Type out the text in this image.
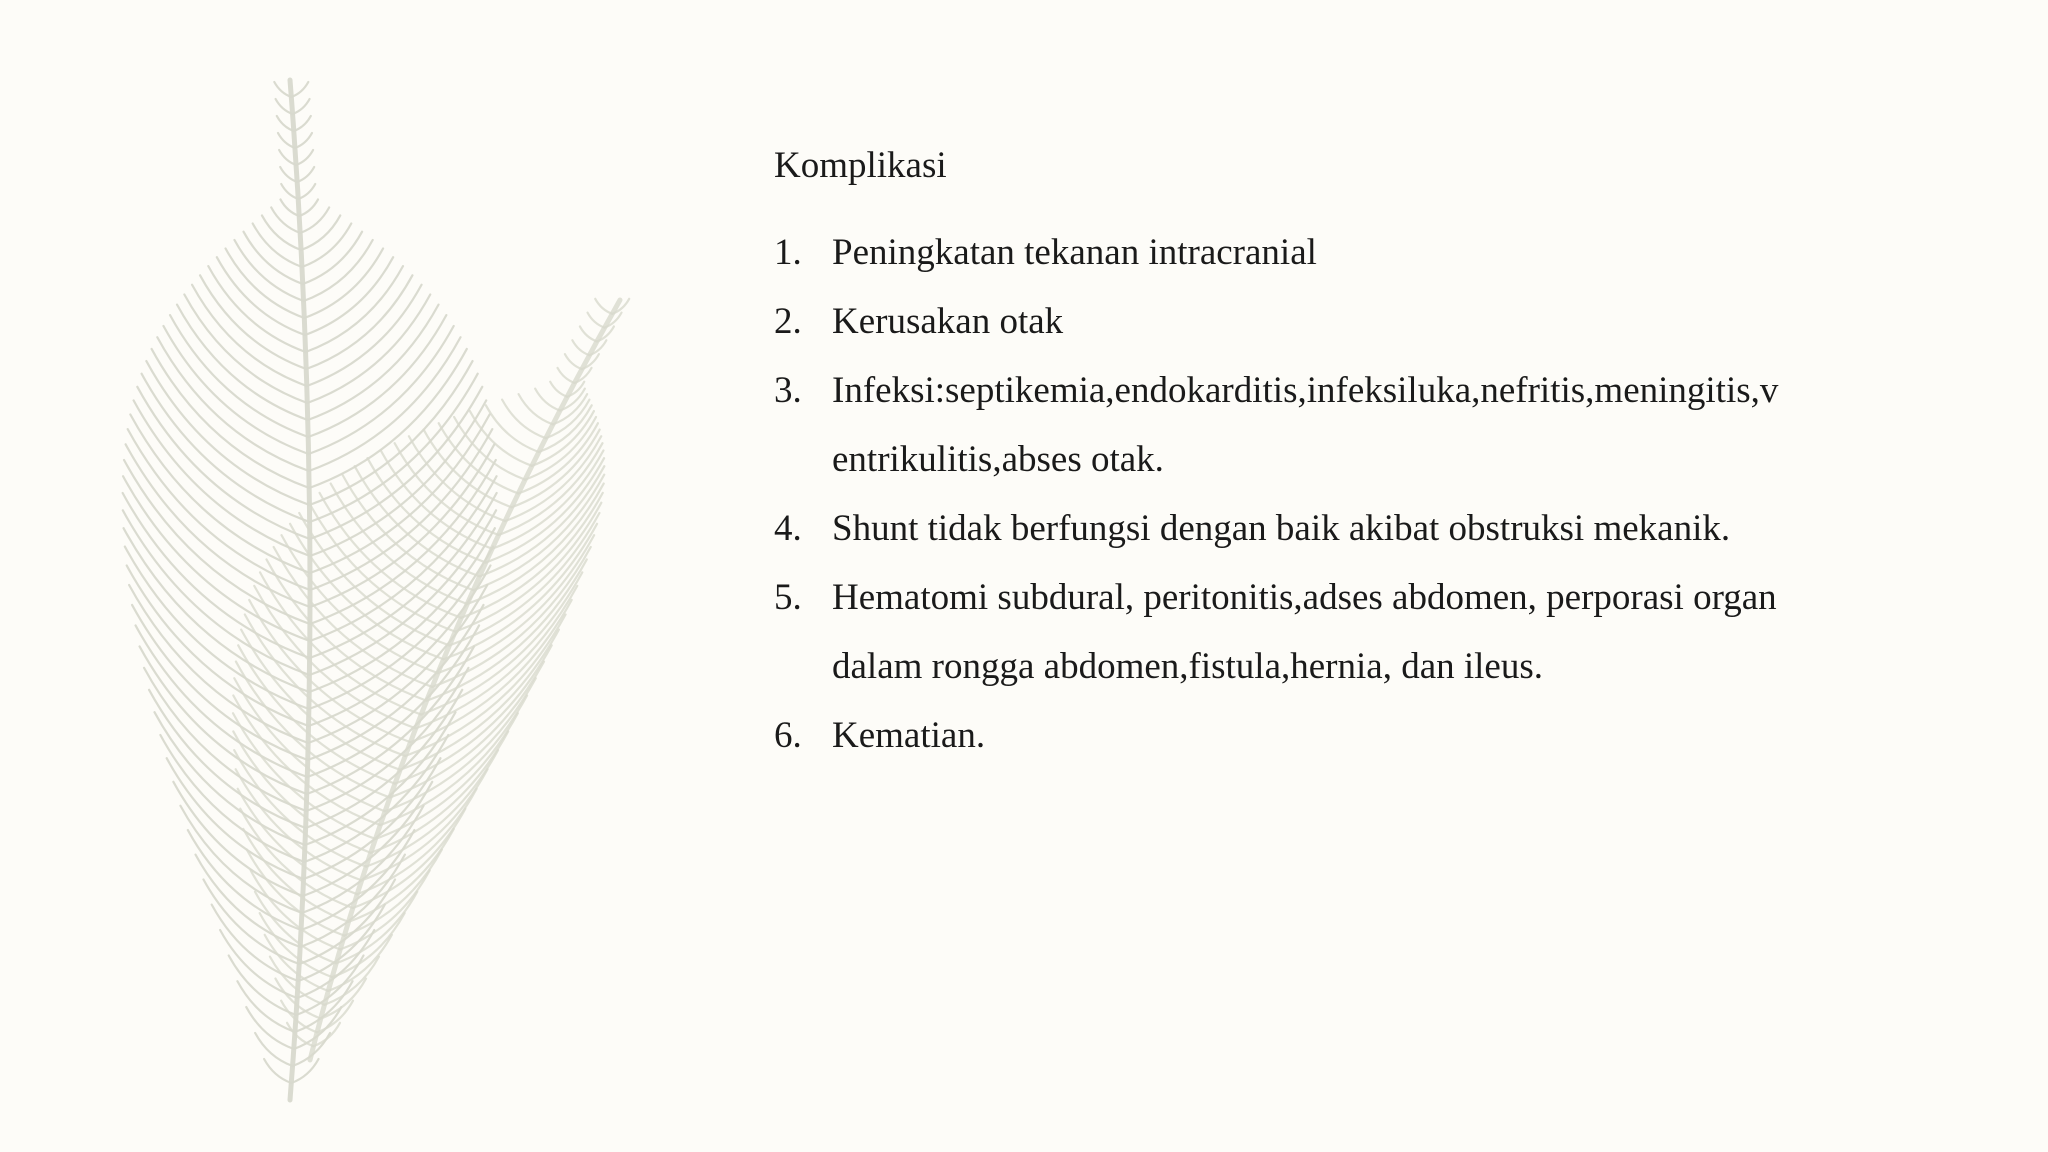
Komplikasi
1. Peningkatan tekanan intracranial
2. Kerusakan otak
3. Infeksi:septikemia,endokarditis,infeksiluka,nefritis,meningitis,ventrikulitis,abses otak.
4. Shunt tidak berfungsi dengan baik akibat obstruksi mekanik.
5. Hematomi subdural, peritonitis,adses abdomen, perporasi organ dalam rongga abdomen,fistula,hernia, dan ileus.
6. Kematian.
